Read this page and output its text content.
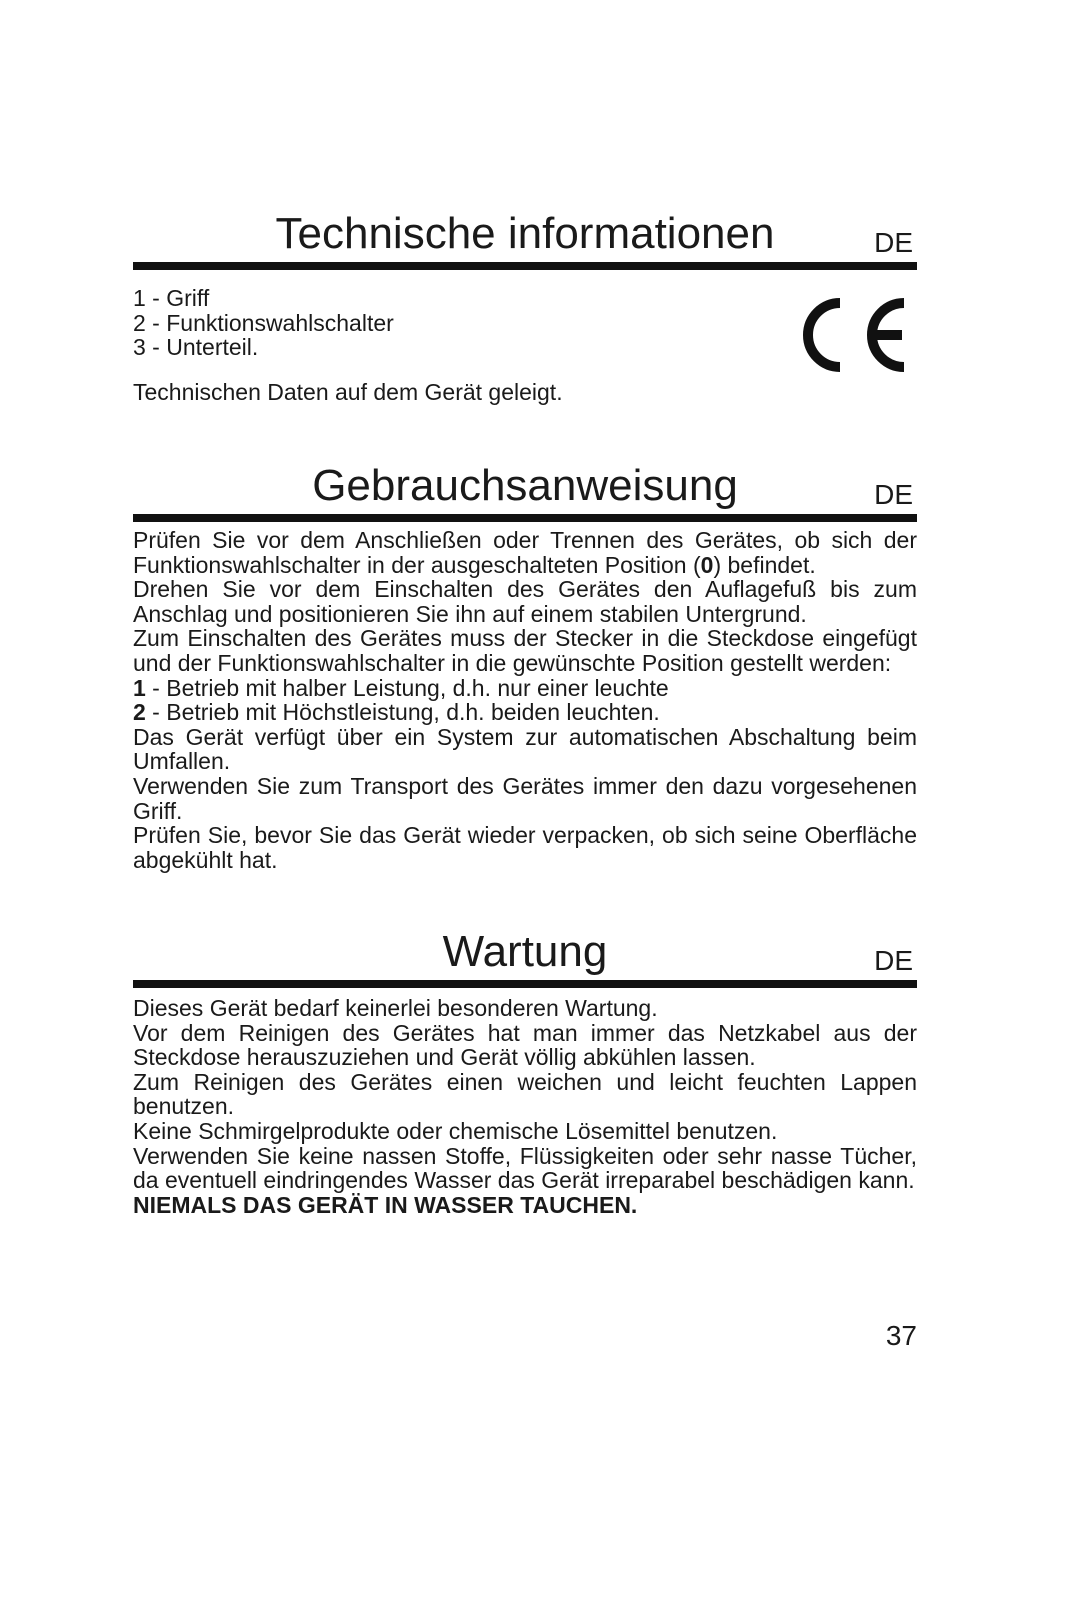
Technische informationen	DE
1 - Griff
2 - Funktionswahlschalter
3 - Unterteil.

Technischen Daten auf dem Gerät geleigt.

Gebrauchsanweisung	DE

Prüfen Sie vor dem Anschließen oder Trennen des Gerätes, ob sich der Funktionswahlschalter in der ausgeschalteten Position (0) befindet.

Drehen Sie vor dem Einschalten des Gerätes den Auflagefuß bis zum Anschlag und positionieren Sie ihn auf einem stabilen Untergrund.

Zum Einschalten des Gerätes muss der Stecker in die Steckdose eingefügt und der Funktionswahlschalter in die gewünschte Position gestellt werden:

1 - Betrieb mit halber Leistung, d.h. nur einer leuchte

2 - Betrieb mit Höchstleistung, d.h. beiden leuchten.

Das Gerät verfügt über ein System zur automatischen Abschaltung beim Umfallen.

Verwenden Sie zum Transport des Gerätes immer den dazu vorgesehenen Griff.

Prüfen Sie, bevor Sie das Gerät wieder verpacken, ob sich seine Oberfläche abgekühlt hat.

Wartung	DE

Dieses Gerät bedarf keinerlei besonderen Wartung.

Vor dem Reinigen des Gerätes hat man immer das Netzkabel aus der Steckdose herauszuziehen und Gerät völlig abkühlen lassen.

Zum Reinigen des Gerätes einen weichen und leicht feuchten Lappen benutzen.

Keine Schmirgelprodukte oder chemische Lösemittel benutzen.

Verwenden Sie keine nassen Stoffe, Flüssigkeiten oder sehr nasse Tücher, da eventuell eindringendes Wasser das Gerät irreparabel beschädigen kann.

NIEMALS DAS GERÄT IN WASSER TAUCHEN.

37
